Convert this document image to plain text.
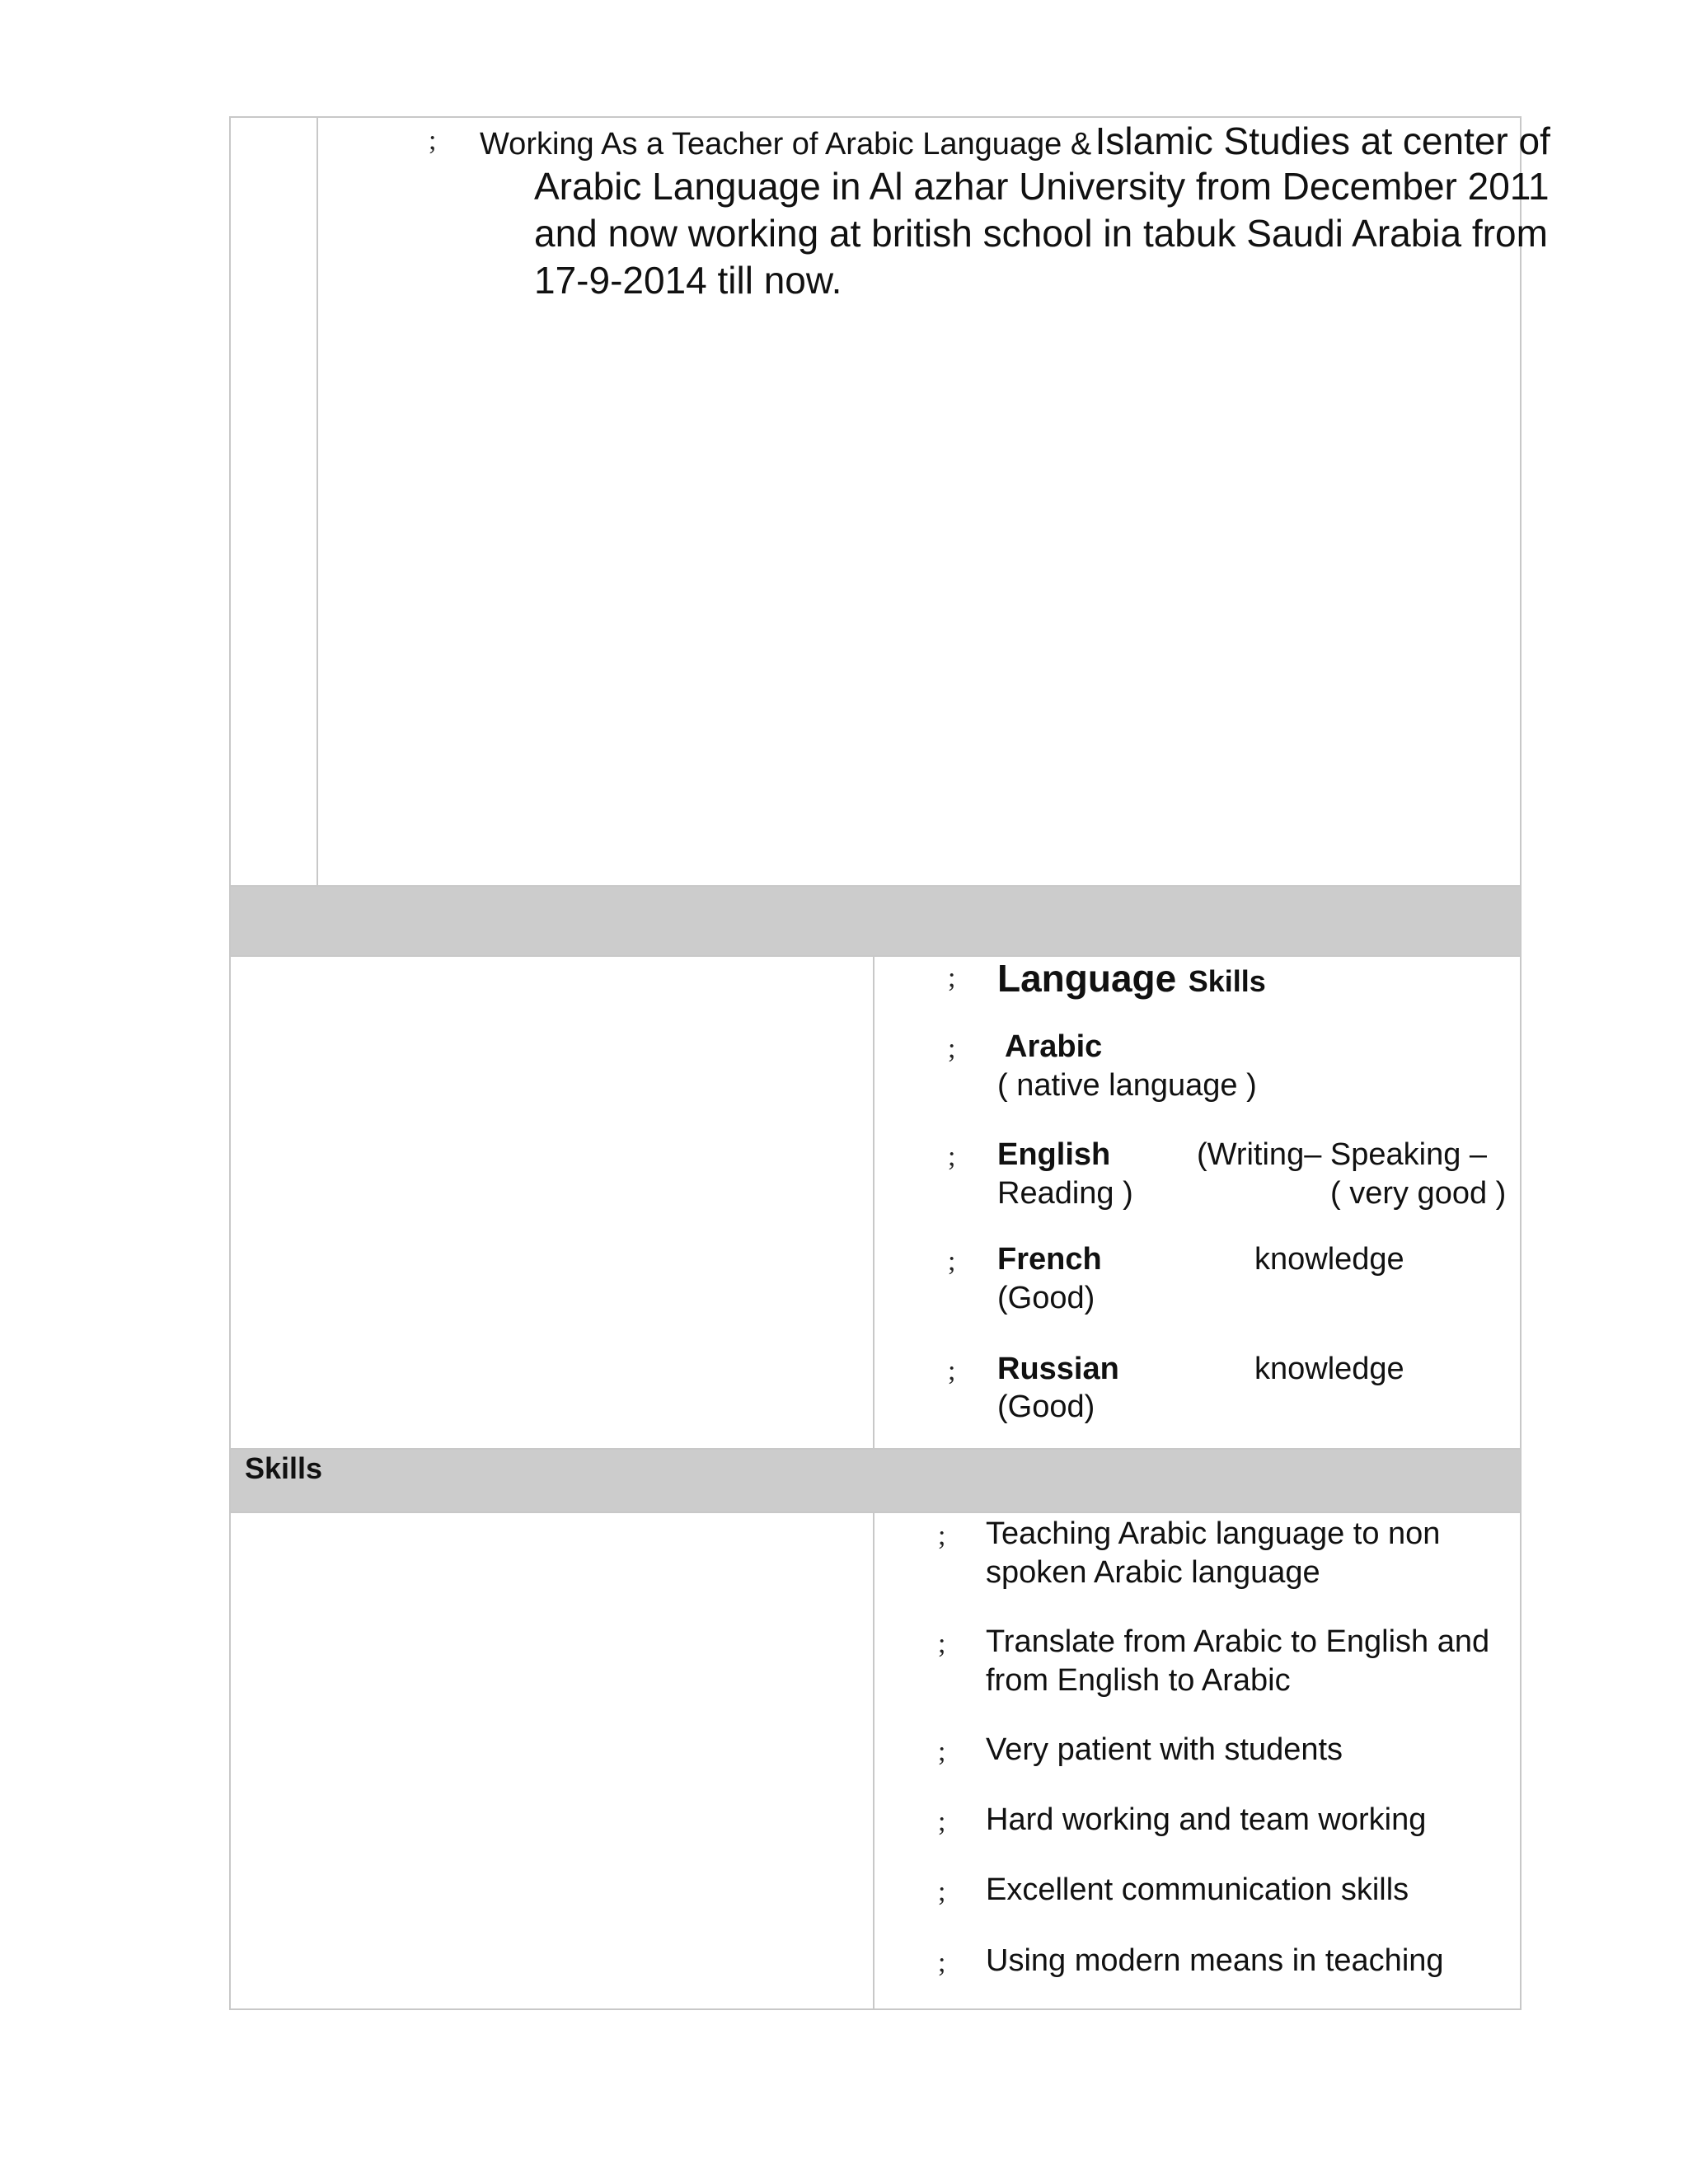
; Working As a Teacher of Arabic Language & Islamic Studies at center of
Arabic Language in Al azhar University from December 2011
and now working at british school in tabuk Saudi Arabia from
17-9-2014 till now.
; Language Skills
; Arabic
( native language )
; English	(Writing– Speaking –
Reading )	( very good )
; French	knowledge
(Good)
; Russian	knowledge
(Good)
Skills
; Teaching Arabic language to non
spoken Arabic language
; Translate from Arabic to English and
from English to Arabic
; Very patient with students
; Hard working and team working
; Excellent communication skills
; Using modern means in teaching
